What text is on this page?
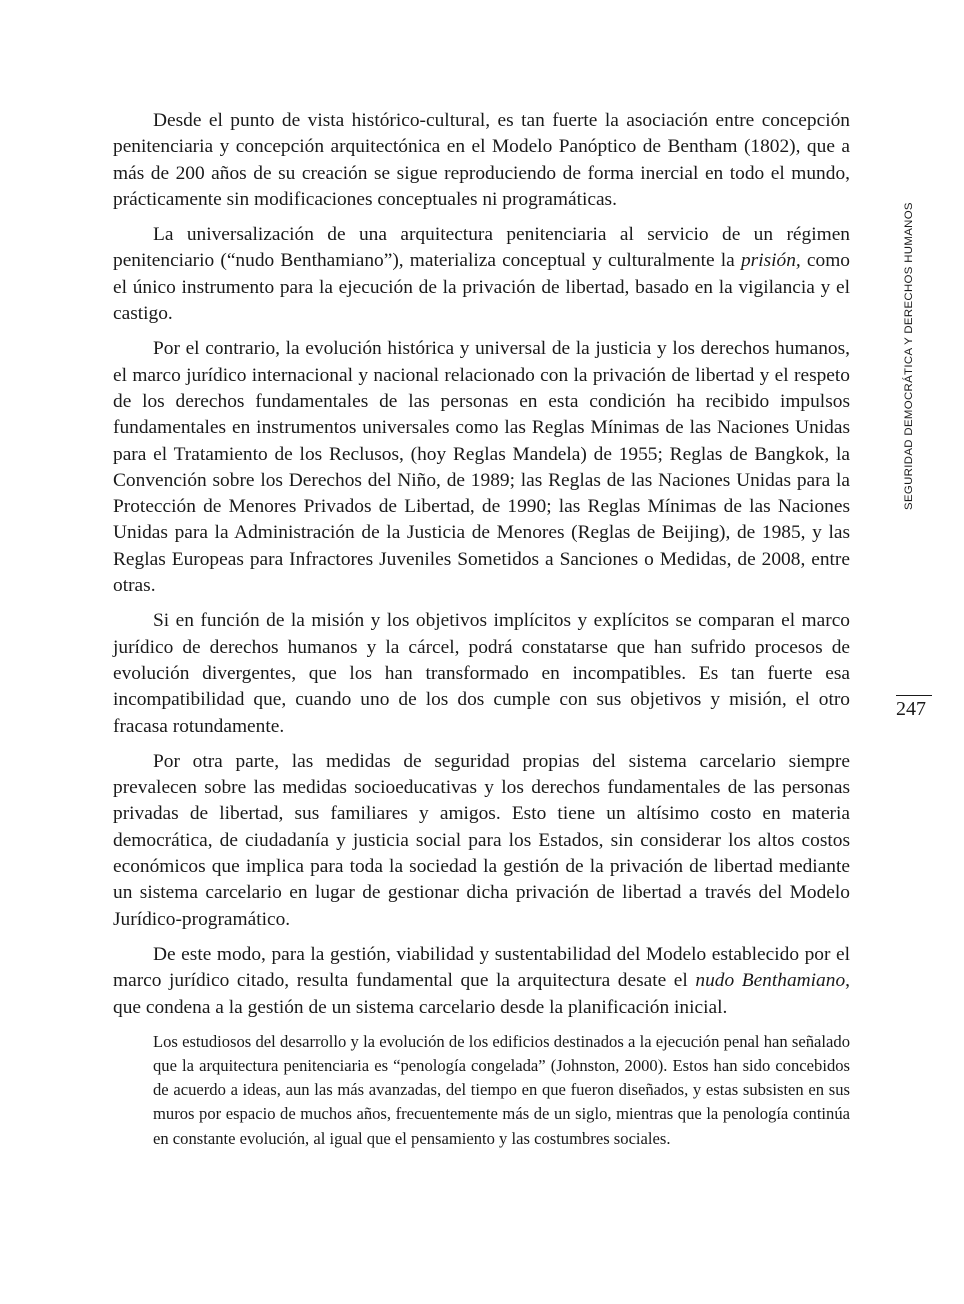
Desde el punto de vista histórico-cultural, es tan fuerte la asociación entre concepción penitenciaria y concepción arquitectónica en el Modelo Panóptico de Bentham (1802), que a más de 200 años de su creación se sigue reproduciendo de forma inercial en todo el mundo, prácticamente sin modificaciones conceptuales ni programáticas.

La universalización de una arquitectura penitenciaria al servicio de un régimen penitenciario (“nudo Benthamiano”), materializa conceptual y culturalmente la prisión, como el único instrumento para la ejecución de la privación de libertad, basado en la vigilancia y el castigo.

Por el contrario, la evolución histórica y universal de la justicia y los derechos humanos, el marco jurídico internacional y nacional relacionado con la privación de libertad y el respeto de los derechos fundamentales de las personas en esta condición ha recibido impulsos fundamentales en instrumentos universales como las Reglas Mínimas de las Naciones Unidas para el Tratamiento de los Reclusos, (hoy Reglas Mandela) de 1955; Reglas de Bangkok, la Convención sobre los Derechos del Niño, de 1989; las Reglas de las Naciones Unidas para la Protección de Menores Privados de Libertad, de 1990; las Reglas Mínimas de las Naciones Unidas para la Administración de la Justicia de Menores (Reglas de Beijing), de 1985, y las Reglas Europeas para Infractores Juveniles Sometidos a Sanciones o Medidas, de 2008, entre otras.

Si en función de la misión y los objetivos implícitos y explícitos se comparan el marco jurídico de derechos humanos y la cárcel, podrá constatarse que han sufrido procesos de evolución divergentes, que los han transformado en incompatibles. Es tan fuerte esa incompatibilidad que, cuando uno de los dos cumple con sus objetivos y misión, el otro fracasa rotundamente.

Por otra parte, las medidas de seguridad propias del sistema carcelario siempre prevalecen sobre las medidas socioeducativas y los derechos fundamentales de las personas privadas de libertad, sus familiares y amigos. Esto tiene un altísimo costo en materia democrática, de ciudadanía y justicia social para los Estados, sin considerar los altos costos económicos que implica para toda la sociedad la gestión de la privación de libertad mediante un sistema carcelario en lugar de gestionar dicha privación de libertad a través del Modelo Jurídico-programático.

De este modo, para la gestión, viabilidad y sustentabilidad del Modelo establecido por el marco jurídico citado, resulta fundamental que la arquitectura desate el nudo Benthamiano, que condena a la gestión de un sistema carcelario desde la planificación inicial.

Los estudiosos del desarrollo y la evolución de los edificios destinados a la ejecución penal han señalado que la arquitectura penitenciaria es “penología congelada” (Johnston, 2000). Estos han sido concebidos de acuerdo a ideas, aun las más avanzadas, del tiempo en que fueron diseñados, y estas subsisten en sus muros por espacio de muchos años, frecuentemente más de un siglo, mientras que la penología continúa en constante evolución, al igual que el pensamiento y las costumbres sociales.

SEGURIDAD DEMOCRÁTICA Y DERECHOS HUMANOS
247
